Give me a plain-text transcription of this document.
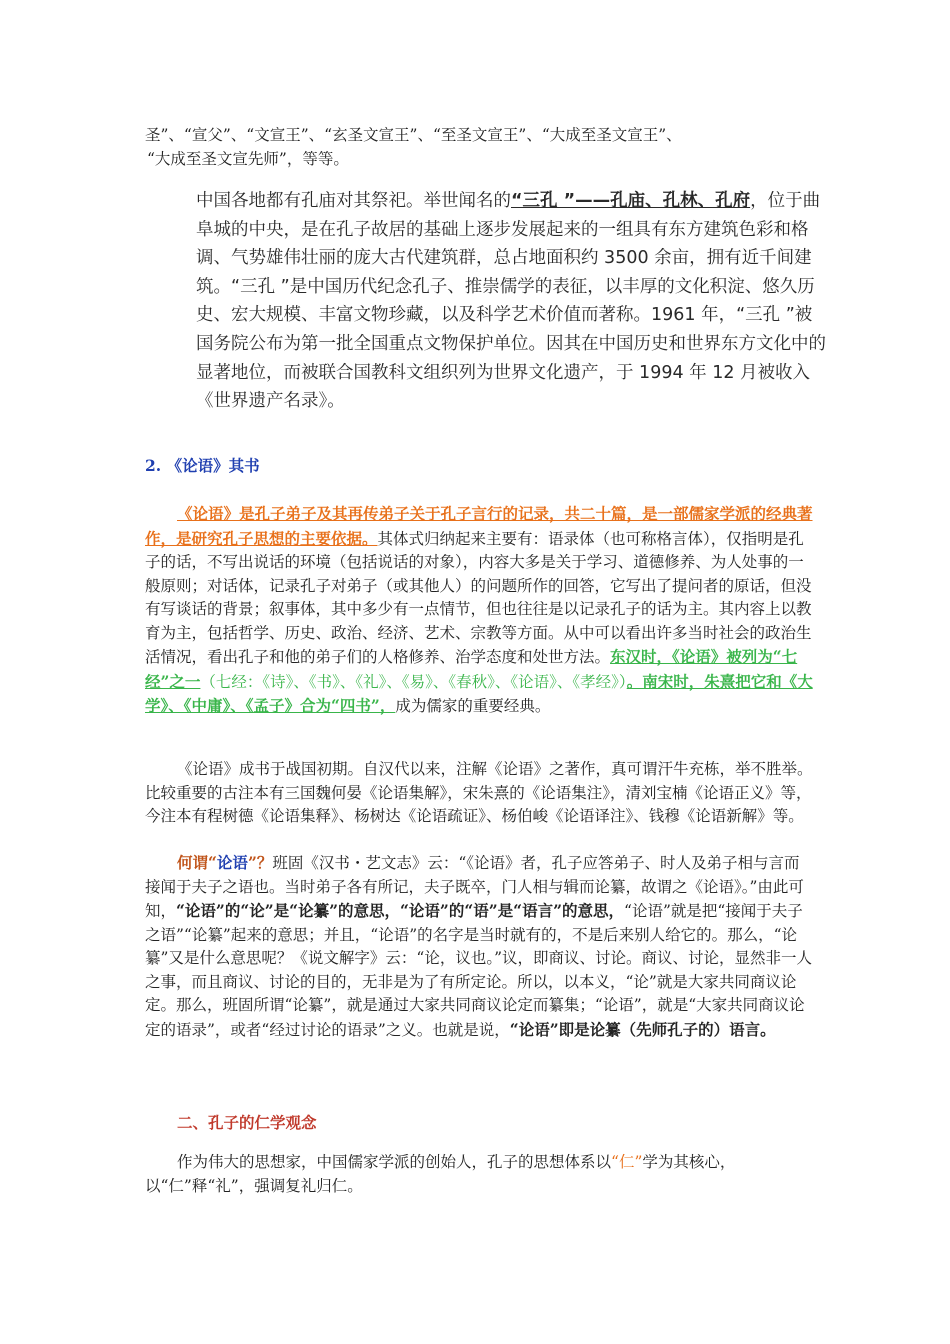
圣”、“宣父”、“文宣王”、“玄圣文宣王”、“至圣文宣王”、“大成至圣文宣王”、
“大成至圣文宣先师”，等等。

中国各地都有孔庙对其祭祀。举世闻名的“三孔 ”——孔庙、孔林、孔府，位于曲阜城的中央，是在孔子故居的基础上逐步发展起来的一组具有东方建筑色彩和格调、气势雄伟壮丽的庞大古代建筑群，总占地面积约 3500 余亩，拥有近千间建筑。“三孔 ”是中国历代纪念孔子、推崇儒学的表征，以丰厚的文化积淀、悠久历史、宏大规模、丰富文物珍藏，以及科学艺术价值而著称。1961 年，“三孔 ”被国务院公布为第一批全国重点文物保护单位。因其在中国历史和世界东方文化中的显著地位，而被联合国教科文组织列为世界文化遗产，于 1994 年 12 月被收入《世界遗产名录》。

2. 《论语》其书

《论语》是孔子弟子及其再传弟子关于孔子言行的记录，共二十篇，是一部儒家学派的经典著作，是研究孔子思想的主要依据。其体式归纳起来主要有：语录体（也可称格言体），仅指明是孔子的话，不写出说话的环境（包括说话的对象），内容大多是关于学习、道德修养、为人处事的一般原则；对话体，记录孔子对弟子（或其他人）的问题所作的回答，它写出了提问者的原话，但没有写谈话的背景；叙事体，其中多少有一点情节，但也往往是以记录孔子的话为主。其内容上以教育为主，包括哲学、历史、政治、经济、艺术、宗教等方面。从中可以看出许多当时社会的政治生活情况，看出孔子和他的弟子们的人格修养、治学态度和处世方法。东汉时，《论语》被列为“七经”之一（七经：《诗》、《书》、《礼》、《易》、《春秋》、《论语》、《孝经》）。南宋时，朱熹把它和《大学》、《中庸》、《孟子》合为“四书”，成为儒家的重要经典。

《论语》成书于战国初期。自汉代以来，注解《论语》之著作，真可谓汗牛充栋，举不胜举。比较重要的古注本有三国魏何晏《论语集解》，宋朱熹的《论语集注》，清刘宝楠《论语正义》等，今注本有程树德《论语集释》、杨树达《论语疏证》、杨伯峻《论语译注》、钱穆《论语新解》等。

何谓“论语”？班固《汉书・艺文志》云：“《论语》者，孔子应答弟子、时人及弟子相与言而接闻于夫子之语也。当时弟子各有所记，夫子既卒，门人相与辑而论纂，故谓之《论语》。”由此可知，“论语”的“论”是“论纂”的意思，“论语”的“语”是“语言”的意思，“论语”就是把“接闻于夫子之语”“论纂”起来的意思；并且，“论语”的名字是当时就有的，不是后来别人给它的。那么，“论纂”又是什么意思呢？《说文解字》云：“论，议也。”议，即商议、讨论。商议、讨论，显然非一人之事，而且商议、讨论的目的，无非是为了有所定论。所以，以本义，“论”就是大家共同商议论定。那么，班固所谓“论纂”，就是通过大家共同商议论定而纂集；“论语”，就是“大家共同商议论定的语录”，或者“经过讨论的语录”之义。也就是说，“论语”即是论纂（先师孔子的）语言。

二、孔子的仁学观念

作为伟大的思想家，中国儒家学派的创始人，孔子的思想体系以“仁”学为其核心，以“仁”释“礼”，强调复礼归仁。
